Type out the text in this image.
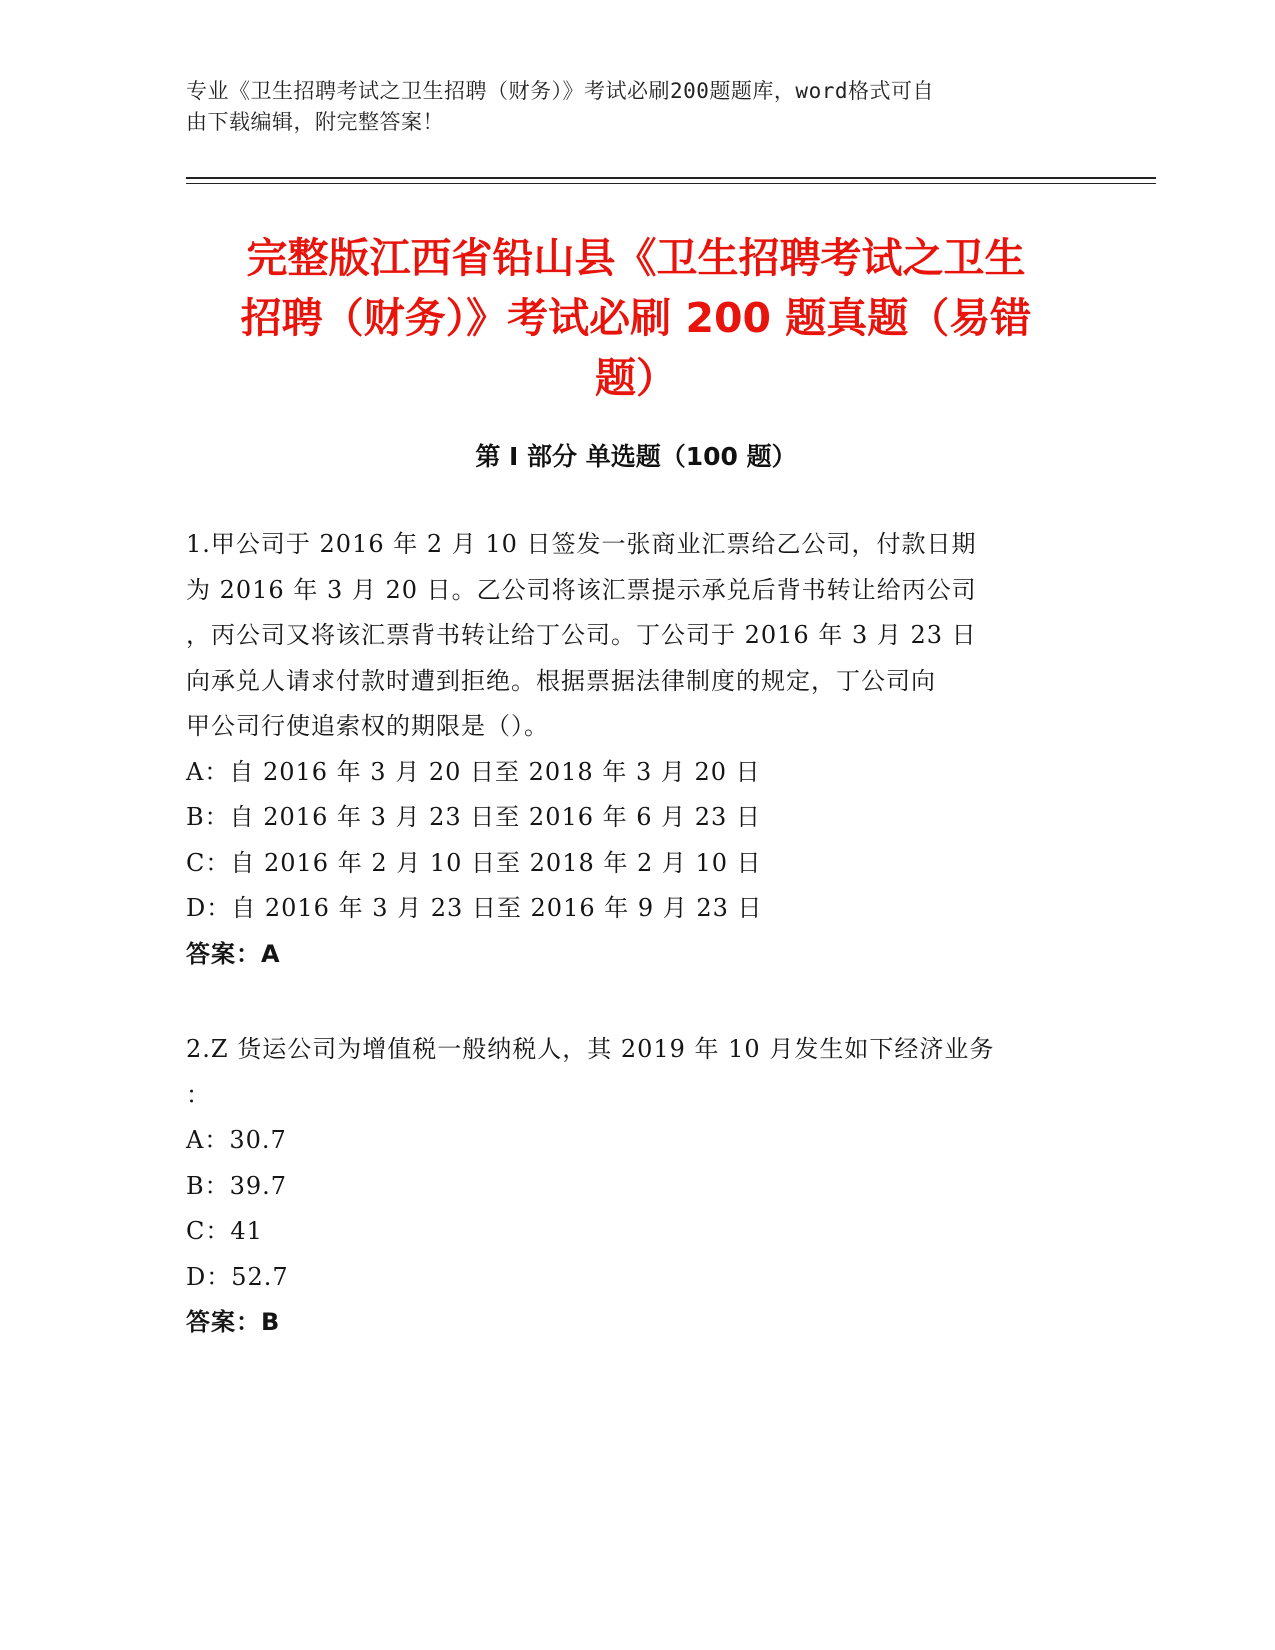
专业《卫生招聘考试之卫生招聘（财务）》考试必刷200题题库，word格式可自
由下载编辑，附完整答案！
完整版江西省铅山县《卫生招聘考试之卫生
招聘（财务）》考试必刷 200 题真题（易错
题）
第 I 部分 单选题（100 题）
1.甲公司于 2016 年 2 月 10 日签发一张商业汇票给乙公司，付款日期
为 2016 年 3 月 20 日。乙公司将该汇票提示承兑后背书转让给丙公司
，丙公司又将该汇票背书转让给丁公司。丁公司于 2016 年 3 月 23 日
向承兑人请求付款时遭到拒绝。根据票据法律制度的规定，丁公司向
甲公司行使追索权的期限是（）。
A：自 2016 年 3 月 20 日至 2018 年 3 月 20 日
B：自 2016 年 3 月 23 日至 2016 年 6 月 23 日
C：自 2016 年 2 月 10 日至 2018 年 2 月 10 日
D：自 2016 年 3 月 23 日至 2016 年 9 月 23 日
答案：A
2.Z 货运公司为增值税一般纳税人，其 2019 年 10 月发生如下经济业务
：
A：30.7
B：39.7
C：41
D：52.7
答案：B
